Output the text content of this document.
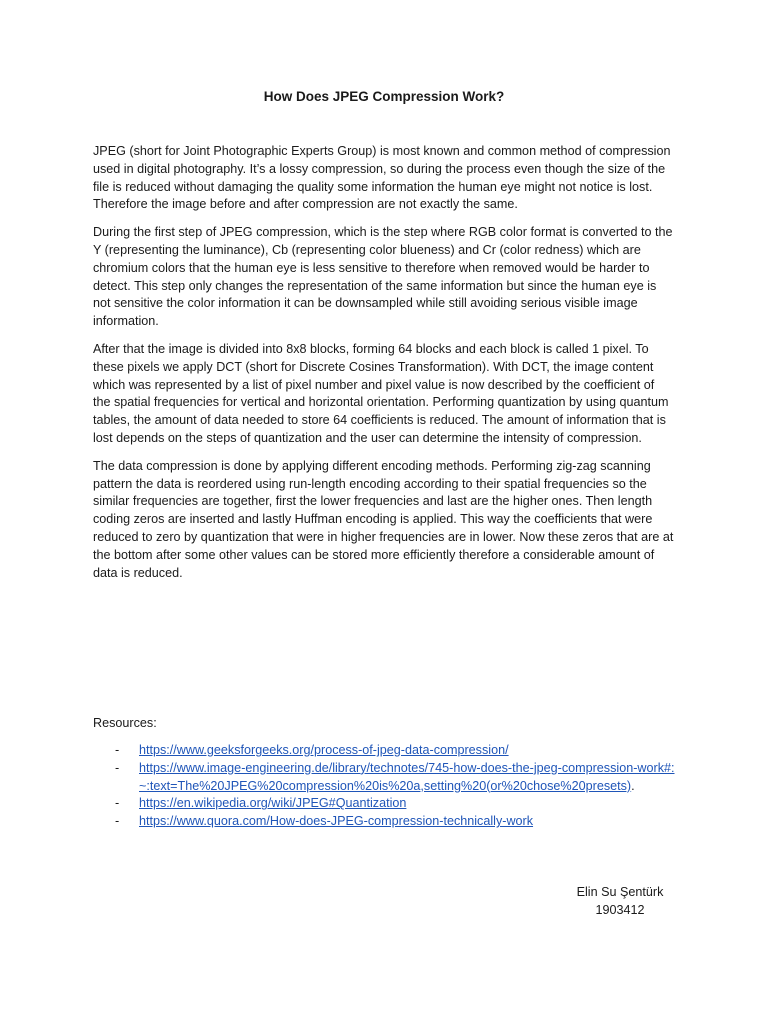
How Does JPEG Compression Work?

JPEG (short for Joint Photographic Experts Group) is most known and common method of compression used in digital photography. It’s a lossy compression, so during the process even though the size of the file is reduced without damaging the quality some information the human eye might not notice is lost. Therefore the image before and after compression are not exactly the same.

During the first step of JPEG compression, which is the step where RGB color format is converted to the Y (representing the luminance), Cb (representing color blueness) and Cr (color redness) which are chromium colors that the human eye is less sensitive to therefore when removed would be harder to detect. This step only changes the representation of the same information but since the human eye is not sensitive the color information it can be downsampled while still avoiding serious visible image information.

After that the image is divided into 8x8 blocks, forming 64 blocks and each block is called 1 pixel. To these pixels we apply DCT (short for Discrete Cosines Transformation). With DCT, the image content which was represented by a list of pixel number and pixel value is now described by the coefficient of the spatial frequencies for vertical and horizontal orientation. Performing quantization by using quantum tables, the amount of data needed to store 64 coefficients is reduced. The amount of information that is lost depends on the steps of quantization and the user can determine the intensity of compression.

The data compression is done by applying different encoding methods. Performing zig-zag scanning pattern the data is reordered using run-length encoding according to their spatial frequencies so the similar frequencies are together, first the lower frequencies and last are the higher ones. Then length coding zeros are inserted and lastly Huffman encoding is applied. This way the coefficients that were reduced to zero by quantization that were in higher frequencies are in lower. Now these zeros that are at the bottom after some other values can be stored more efficiently therefore a considerable amount of data is reduced.

Resources:
- https://www.geeksforgeeks.org/process-of-jpeg-data-compression/
- https://www.image-engineering.de/library/technotes/745-how-does-the-jpeg-compression-work#:~:text=The%20JPEG%20compression%20is%20a,setting%20(or%20chose%20presets).
- https://en.wikipedia.org/wiki/JPEG#Quantization
- https://www.quora.com/How-does-JPEG-compression-technically-work
Elin Su Şentürk
1903412
